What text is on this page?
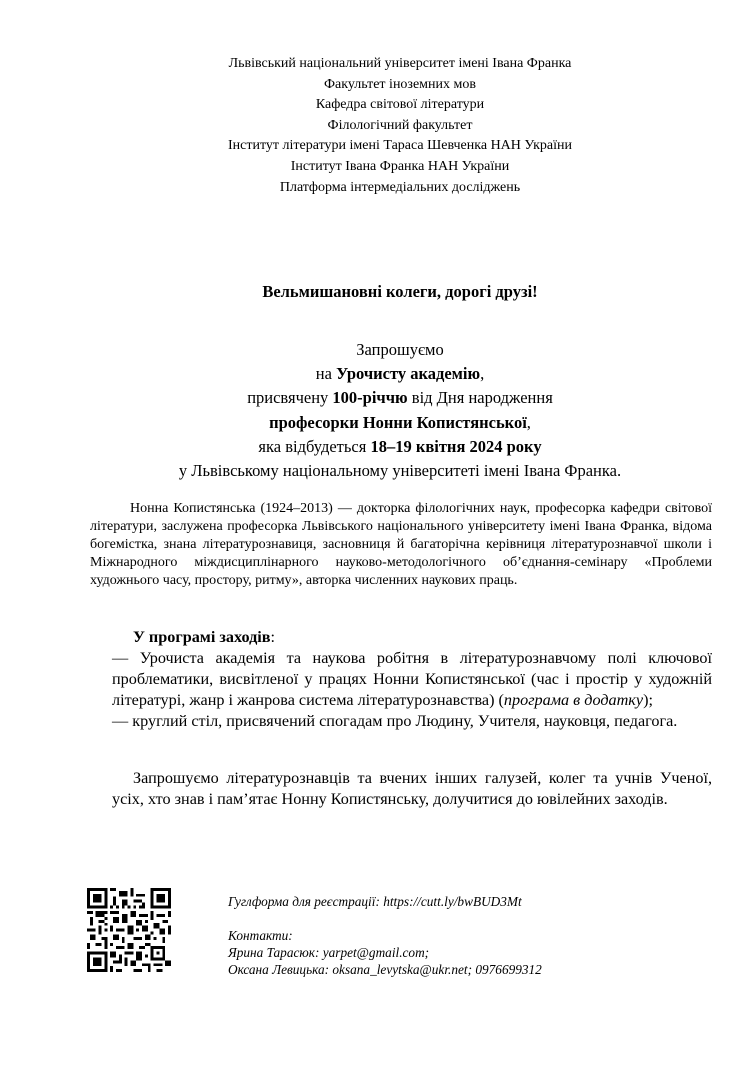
Львівський національний університет імені Івана Франка
Факультет іноземних мов
Кафедра світової літератури
Філологічний факультет
Інститут літератури імені Тараса Шевченка НАН України
Інститут Івана Франка НАН України
Платформа інтермедіальних досліджень
Вельмишановні колеги, дорогі друзі!
Запрошуємо
на Урочисту академію,
присвячену 100-річчю від Дня народження
професорки Нонни Копистянської,
яка відбудеться 18–19 квітня 2024 року
у Львівському національному університеті імені Івана Франка.

Нонна Копистянська (1924–2013) — докторка філологічних наук, професорка кафедри світової літератури, заслужена професорка Львівського національного університету імені Івана Франка, відома богемістка, знана літературознавиця, засновниця й багаторічна керівниця літературознавчої школи і Міжнародного міждисциплінарного науково-методологічного об’єднання-семінару «Проблеми художнього часу, простору, ритму», авторка численних наукових праць.

У програмі заходів:

— Урочиста академія та наукова робітня в літературознавчому полі ключової проблематики, висвітленої у працях Нонни Копистянської (час і простір у художній літературі, жанр і жанрова система літературознавства) (програма в додатку);

— круглий стіл, присвячений спогадам про Людину, Учителя, науковця, педагога.

Запрошуємо літературознавців та вчених інших галузей, колег та учнів Ученої, усіх, хто знав і пам’ятає Нонну Копистянську, долучитися до ювілейних заходів.

Гуглформа для реєстрації: https://cutt.ly/bwBUD3Mt
Контакти:
Ярина Тарасюк: yarpet@gmail.com;
Оксана Левицька: oksana_levytska@ukr.net; 0976699312
